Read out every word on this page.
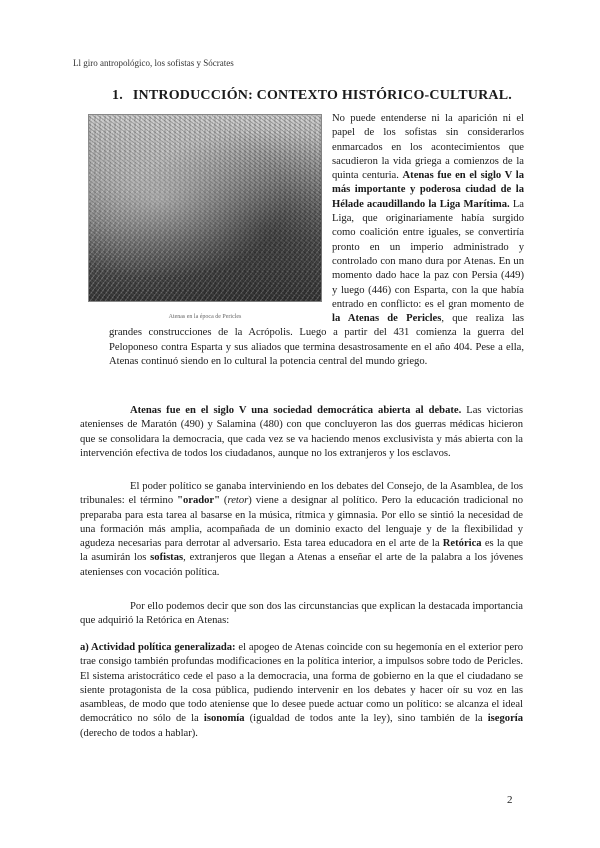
Ll giro antropológico, los sofistas y Sócrates
1. INTRODUCCIÓN: CONTEXTO HISTÓRICO-CULTURAL.
Atenas en la época de Pericles
No puede entenderse ni la aparición ni el papel de los sofistas sin considerarlos enmarcados en los acontecimientos que sacudieron la vida griega a comienzos de la quinta centuria. Atenas fue en el siglo V la más importante y poderosa ciudad de la Hélade acaudillando la Liga Marítima. La Liga, que originariamente había surgido como coalición entre iguales, se convertiría pronto en un imperio administrado y controlado con mano dura por Atenas. En un momento dado hace la paz con Persia (449) y luego (446) con Esparta, con la que había entrado en conflicto: es el gran momento de la Atenas de Pericles, que realiza las grandes construcciones de la Acrópolis. Luego a partir del 431 comienza la guerra del Peloponeso contra Esparta y sus aliados que termina desastrosamente en el año 404. Pese a ella, Atenas continuó siendo en lo cultural la potencia central del mundo griego.
Atenas fue en el siglo V una sociedad democrática abierta al debate. Las victorias atenienses de Maratón (490) y Salamina (480) con que concluyeron las dos guerras médicas hicieron que se consolidara la democracia, que cada vez se va haciendo menos exclusivista y más abierta con la intervención efectiva de todos los ciudadanos, aunque no los extranjeros y los esclavos.
El poder político se ganaba interviniendo en los debates del Consejo, de la Asamblea, de los tribunales: el término "orador" (retor) viene a designar al político. Pero la educación tradicional no preparaba para esta tarea al basarse en la música, rítmica y gimnasia. Por ello se sintió la necesidad de una formación más amplia, acompañada de un dominio exacto del lenguaje y de la flexibilidad y agudeza necesarias para derrotar al adversario. Esta tarea educadora en el arte de la Retórica es la que la asumirán los sofistas, extranjeros que llegan a Atenas a enseñar el arte de la palabra a los jóvenes atenienses con vocación política.
Por ello podemos decir que son dos las circunstancias que explican la destacada importancia que adquirió la Retórica en Atenas:
a) Actividad política generalizada: el apogeo de Atenas coincide con su hegemonía en el exterior pero trae consigo también profundas modificaciones en la política interior, a impulsos sobre todo de Pericles. El sistema aristocrático cede el paso a la democracia, una forma de gobierno en la que el ciudadano se siente protagonista de la cosa pública, pudiendo intervenir en los debates y hacer oír su voz en las asambleas, de modo que todo ateniense que lo desee puede actuar como un político: se alcanza el ideal democrático no sólo de la isonomía (igualdad de todos ante la ley), sino también de la isegoría (derecho de todos a hablar).
2
